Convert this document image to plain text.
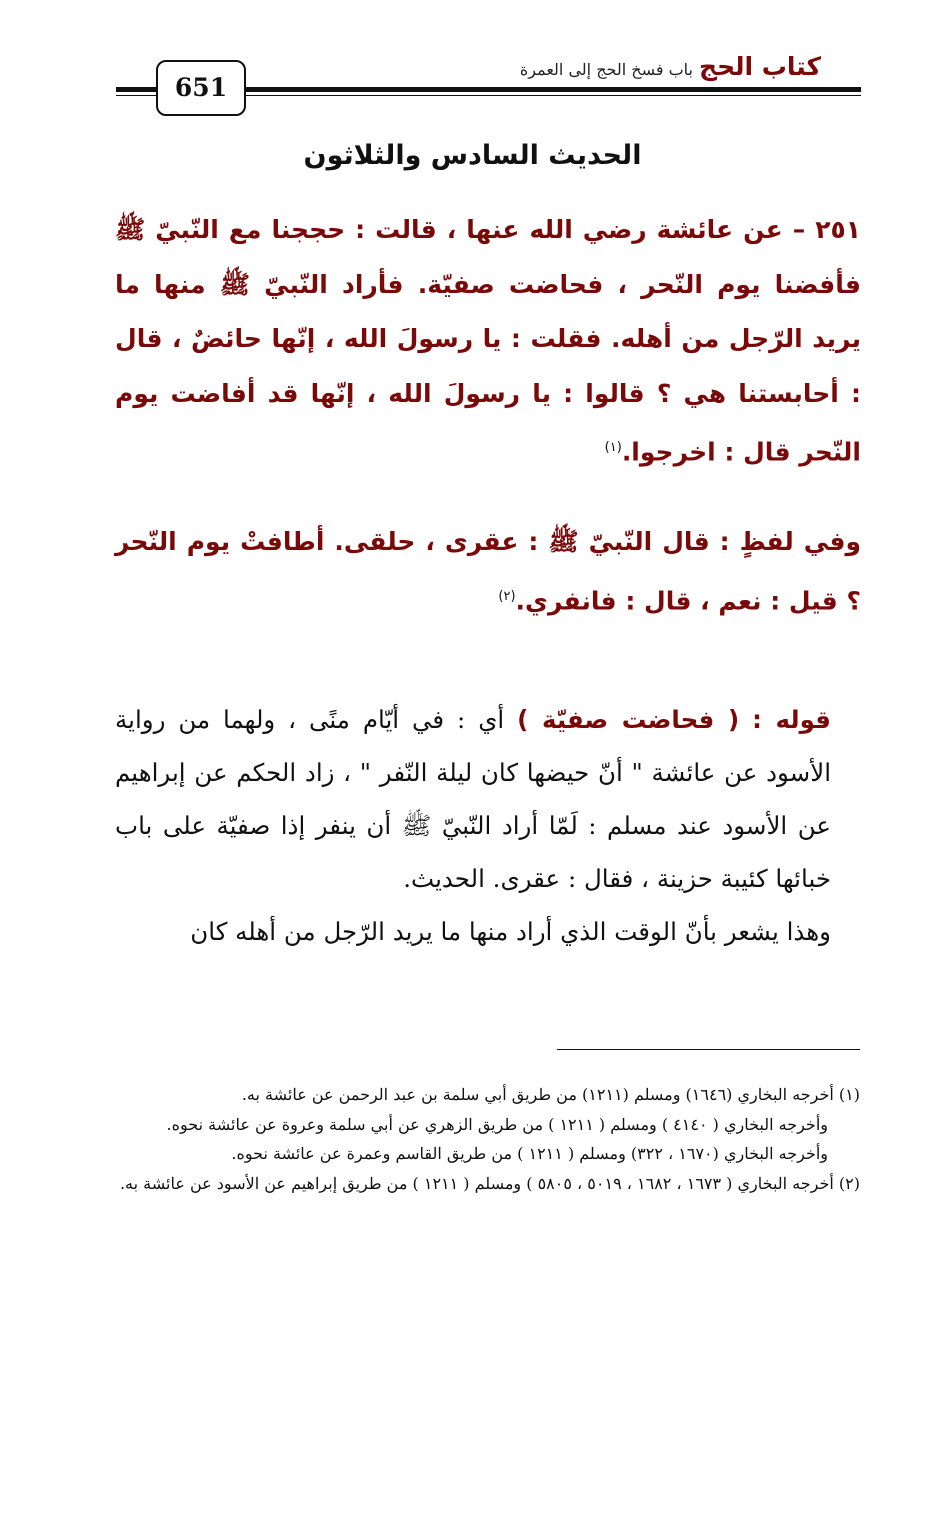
كتاب الحج
باب فسخ الحج إلى العمرة
651
الحديث السادس والثلاثون
٢٥١ – عن عائشة رضي الله عنها ، قالت : حججنا مع النّبيّ ﷺ فأفضنا يوم النّحر ، فحاضت صفيّة. فأراد النّبيّ ﷺ منها ما يريد الرّجل من أهله. فقلت : يا رسولَ الله ، إنّها حائضٌ ، قال : أحابستنا هي ؟ قالوا : يا رسولَ الله ، إنّها قد أفاضت يوم النّحر قال : اخرجوا.$^{(١)}$
وفي لفظٍ : قال النّبيّ ﷺ : عقرى ، حلقى. أطافتْ يوم النّحر ؟ قيل : نعم ، قال : فانفري.$^{(٢)}$
قوله : ( فحاضت صفيّة ) أي : في أيّام منًى ، ولهما من رواية الأسود عن عائشة " أنّ حيضها كان ليلة النّفر " ، زاد الحكم عن إبراهيم عن الأسود عند مسلم : لَمّا أراد النّبيّ ﷺ أن ينفر إذا صفيّة على باب خبائها كئيبة حزينة ، فقال : عقرى. الحديث.
وهذا يشعر بأنّ الوقت الذي أراد منها ما يريد الرّجل من أهله كان
(١) أخرجه البخاري (١٦٤٦) ومسلم (١٢١١) من طريق أبي سلمة بن عبد الرحمن عن عائشة به.
وأخرجه البخاري ( ٤١٤٠ ) ومسلم ( ١٢١١ ) من طريق الزهري عن أبي سلمة وعروة عن عائشة نحوه.
وأخرجه البخاري (١٦٧٠ ، ٣٢٢) ومسلم ( ١٢١١ ) من طريق القاسم وعمرة عن عائشة نحوه.
(٢) أخرجه البخاري ( ١٦٧٣ ، ١٦٨٢ ، ٥٠١٩ ، ٥٨٠٥ ) ومسلم ( ١٢١١ ) من طريق إبراهيم عن الأسود عن عائشة به.
